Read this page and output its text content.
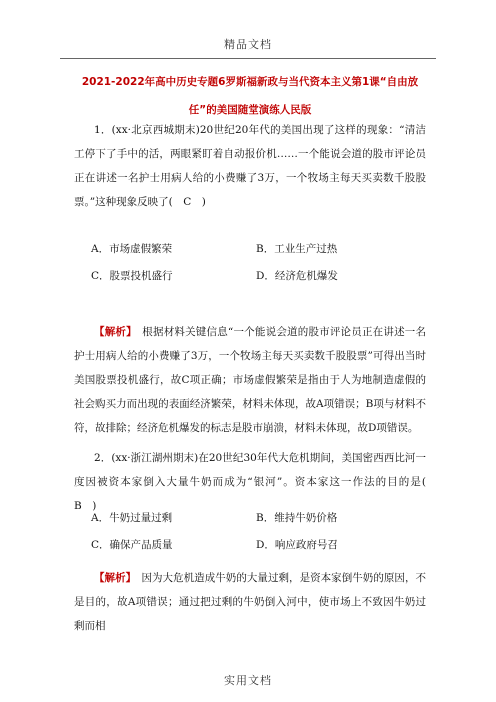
精品文档
2021-2022年高中历史专题6罗斯福新政与当代资本主义第1课“自由放任”的美国随堂演练人民版
1．(xx·北京西城期末)20世纪20年代的美国出现了这样的现象：“清洁工停下了手中的活，两眼紧盯着自动报价机……一个能说会道的股市评论员正在讲述一名护士用病人给的小费赚了3万，一个牧场主每天买卖数千股股票。”这种现象反映了(　C　)
A．市场虚假繁荣	B．工业生产过热
C．股票投机盛行	D．经济危机爆发
【解析】　根据材料关键信息“一个能说会道的股市评论员正在讲述一名护士用病人给的小费赚了3万，一个牧场主每天买卖数千股股票”可得出当时美国股票投机盛行，故C项正确；市场虚假繁荣是指由于人为地制造虚假的社会购买力而出现的表面经济繁荣，材料未体现，故A项错误；B项与材料不符，故排除；经济危机爆发的标志是股市崩溃，材料未体现，故D项错误。
2．(xx·浙江湖州期末)在20世纪30年代大危机期间，美国密西西比河一度因被资本家倒入大量牛奶而成为“银河”。资本家这一作法的目的是(　B　)
A．牛奶过量过剩	B．维持牛奶价格
C．确保产品质量	D．响应政府号召
【解析】　因为大危机造成牛奶的大量过剩，是资本家倒牛奶的原因，不是目的，故A项错误；通过把过剩的牛奶倒入河中，使市场上不致因牛奶过剩而相
实用文档
